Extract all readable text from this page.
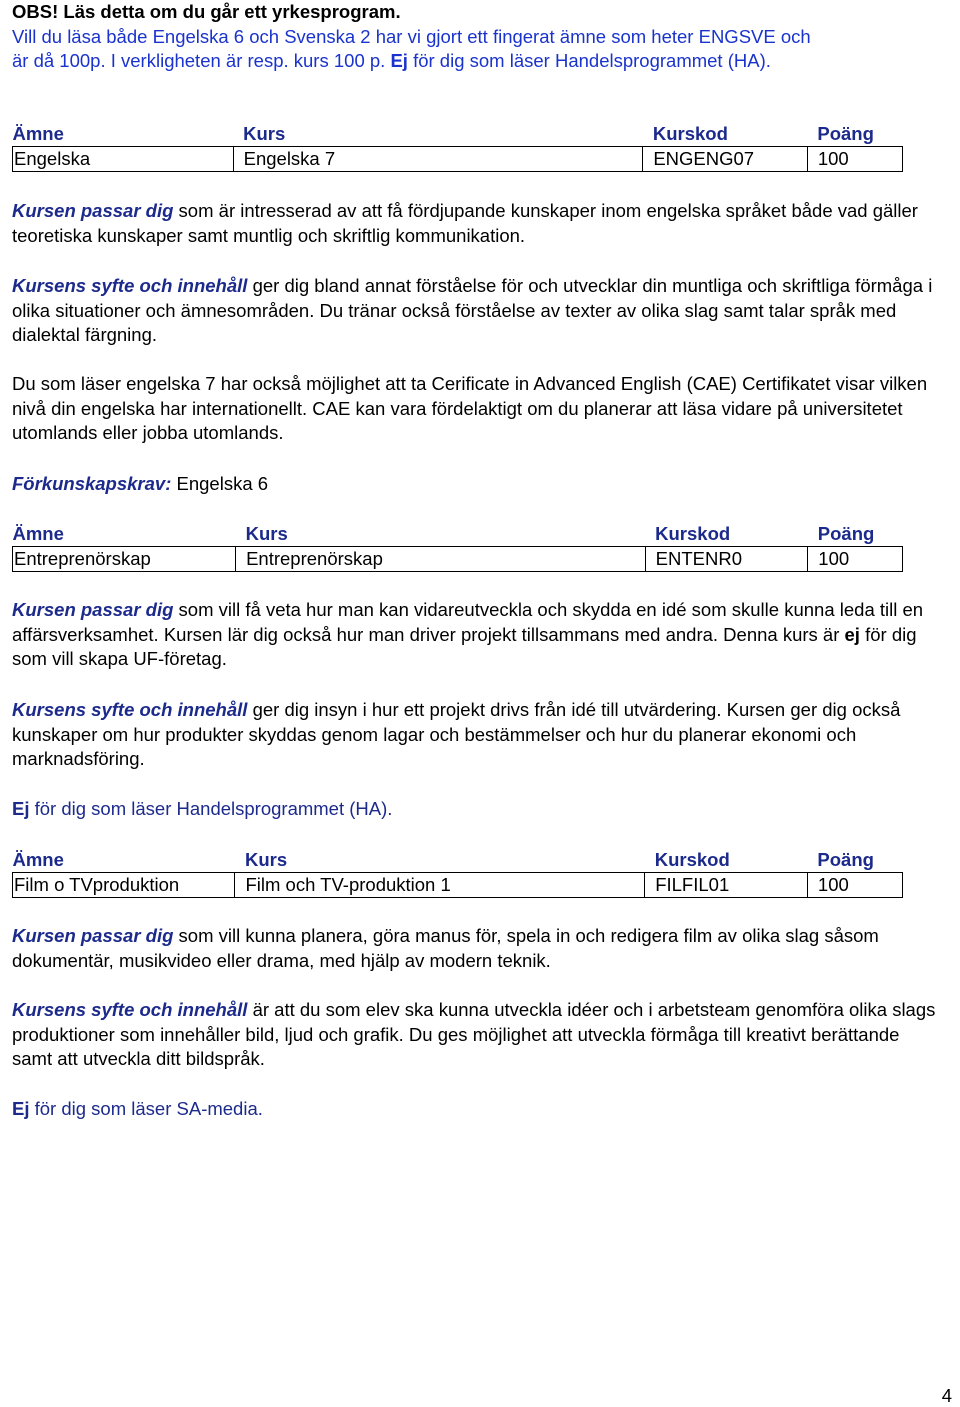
OBS! Läs detta om du går ett yrkesprogram.
Vill du läsa både Engelska 6 och Svenska 2 har vi gjort ett fingerat ämne som heter ENGSVE och
är då 100p. I verkligheten är resp. kurs 100 p. Ej för dig som läser Handelsprogrammet (HA).
Ämne	Kurs	Kurskod	Poäng
Engelska	Engelska 7	ENGENG07	100
Kursen passar dig som är intresserad av att få fördjupande kunskaper inom engelska språket både vad gäller teoretiska kunskaper samt muntlig och skriftlig kommunikation.
Kursens syfte och innehåll ger dig bland annat förståelse för och utvecklar din muntliga och skriftliga förmåga i olika situationer och ämnesområden. Du tränar också förståelse av texter av olika slag samt talar språk med dialektal färgning.
Du som läser engelska 7 har också möjlighet att ta Cerificate in Advanced English (CAE) Certifikatet visar vilken nivå din engelska har internationellt. CAE kan vara fördelaktigt om du planerar att läsa vidare på universitetet utomlands eller jobba utomlands.
Förkunskapskrav: Engelska 6
Ämne	Kurs	Kurskod	Poäng
Entreprenörskap	Entreprenörskap	ENTENR0	100
Kursen passar dig som vill få veta hur man kan vidareutveckla och skydda en idé som skulle kunna leda till en affärsverksamhet. Kursen lär dig också hur man driver projekt tillsammans med andra. Denna kurs är ej för dig som vill skapa UF-företag.
Kursens syfte och innehåll ger dig insyn i hur ett projekt drivs från idé till utvärdering. Kursen ger dig också kunskaper om hur produkter skyddas genom lagar och bestämmelser och hur du planerar ekonomi och marknadsföring.
Ej för dig som läser Handelsprogrammet (HA).
Ämne	Kurs	Kurskod	Poäng
Film o TVproduktion	Film och TV-produktion 1	FILFIL01	100
Kursen passar dig som vill kunna planera, göra manus för, spela in och redigera film av olika slag såsom dokumentär, musikvideo eller drama, med hjälp av modern teknik.
Kursens syfte och innehåll är att du som elev ska kunna utveckla idéer och i arbetsteam genomföra olika slags produktioner som innehåller bild, ljud och grafik. Du ges möjlighet att utveckla förmåga till kreativt berättande samt att utveckla ditt bildspråk.
Ej för dig som läser SA-media.
4
